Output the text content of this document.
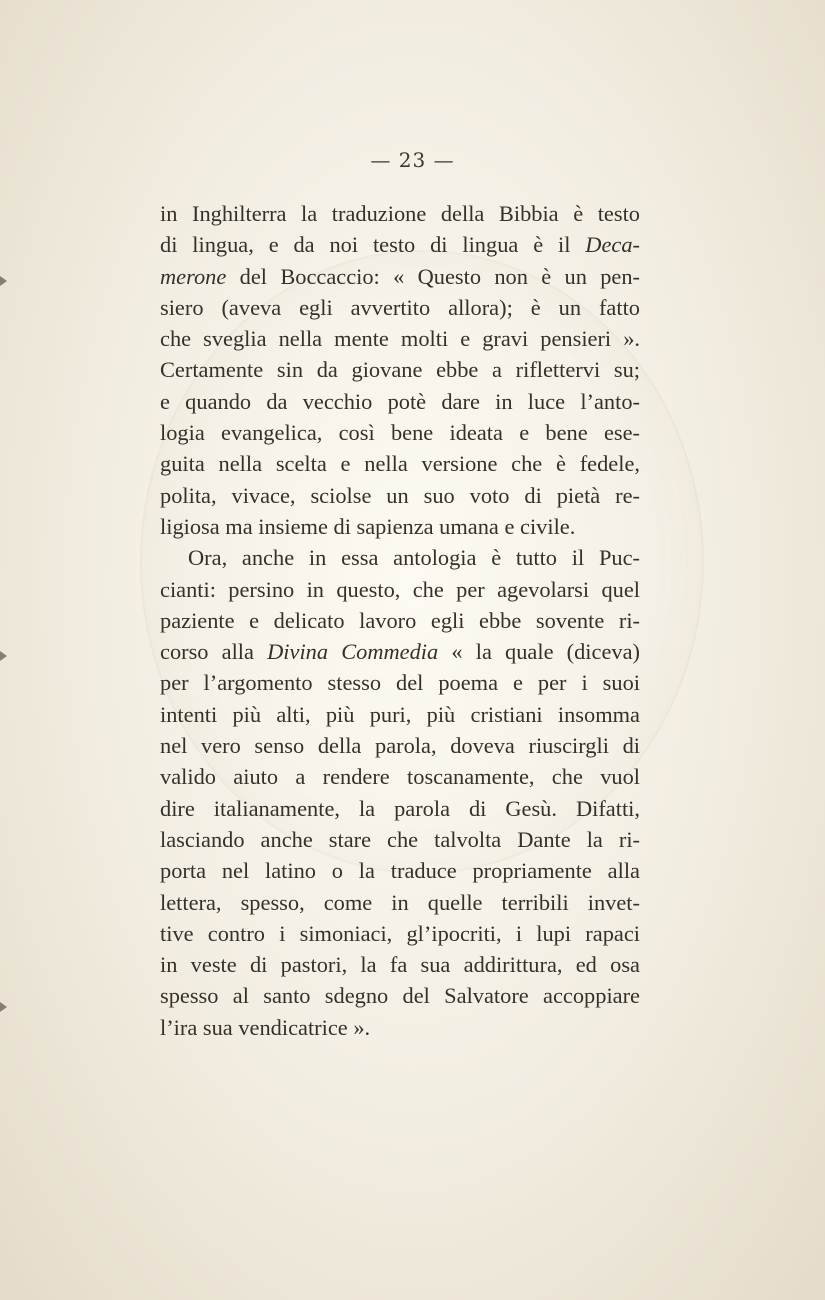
— 23 —
in Inghilterra la traduzione della Bibbia è testo
di lingua, e da noi testo di lingua è il Deca-
merone del Boccaccio: « Questo non è un pen-
siero (aveva egli avvertito allora); è un fatto
che sveglia nella mente molti e gravi pensieri ».
Certamente sin da giovane ebbe a riflettervi su;
e quando da vecchio potè dare in luce l’anto-
logia evangelica, così bene ideata e bene ese-
guita nella scelta e nella versione che è fedele,
polita, vivace, sciolse un suo voto di pietà re-
ligiosa ma insieme di sapienza umana e civile.
Ora, anche in essa antologia è tutto il Puc-
cianti: persino in questo, che per agevolarsi quel
paziente e delicato lavoro egli ebbe sovente ri-
corso alla Divina Commedia « la quale (diceva)
per l’argomento stesso del poema e per i suoi
intenti più alti, più puri, più cristiani insomma
nel vero senso della parola, doveva riuscirgli di
valido aiuto a rendere toscanamente, che vuol
dire italianamente, la parola di Gesù. Difatti,
lasciando anche stare che talvolta Dante la ri-
porta nel latino o la traduce propriamente alla
lettera, spesso, come in quelle terribili invet-
tive contro i simoniaci, gl’ipocriti, i lupi rapaci
in veste di pastori, la fa sua addirittura, ed osa
spesso al santo sdegno del Salvatore accoppiare
l’ira sua vendicatrice ».
